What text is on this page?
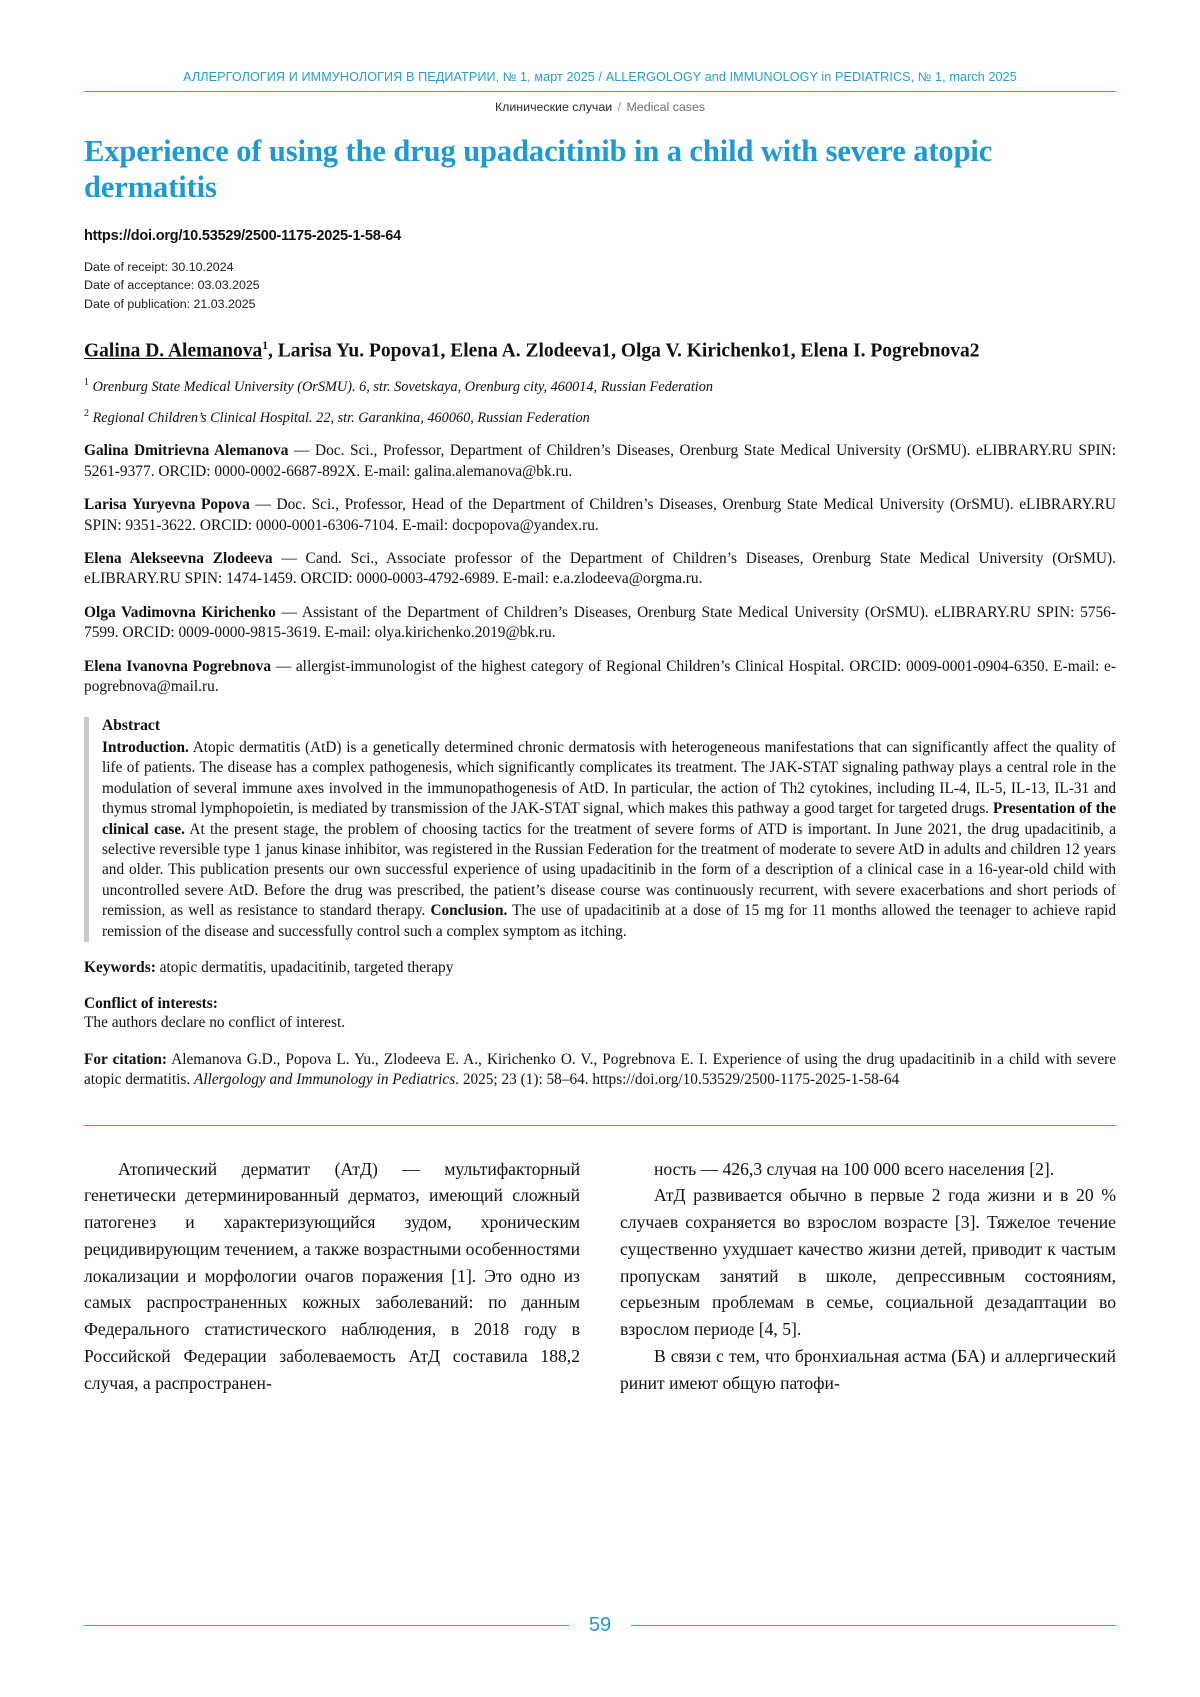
АЛЛЕРГОЛОГИЯ И ИММУНОЛОГИЯ В ПЕДИАТРИИ, № 1, март 2025 / ALLERGOLOGY and IMMUNOLOGY in PEDIATRICS, № 1, march 2025
Клинические случаи / Medical cases
Experience of using the drug upadacitinib in a child with severe atopic dermatitis
https://doi.org/10.53529/2500-1175-2025-1-58-64
Date of receipt: 30.10.2024
Date of acceptance: 03.03.2025
Date of publication: 21.03.2025
Galina D. Alemanova$^1$, Larisa Yu. Popova1, Elena A. Zlodeeva1, Olga V. Kirichenko1, Elena I. Pogrebnova2
$^1$ Orenburg State Medical University (OrSMU). 6, str. Sovetskaya, Orenburg city, 460014, Russian Federation
$^2$ Regional Children’s Clinical Hospital. 22, str. Garankina, 460060, Russian Federation
Galina Dmitrievna Alemanova — Doc. Sci., Professor, Department of Children’s Diseases, Orenburg State Medical University (OrSMU). eLIBRARY.RU SPIN: 5261-9377. ORCID: 0000-0002-6687-892X. E-mail: galina.alemanova@bk.ru.
Larisa Yuryevna Popova — Doc. Sci., Professor, Head of the Department of Children’s Diseases, Orenburg State Medical University (OrSMU). eLIBRARY.RU SPIN: 9351-3622. ORCID: 0000-0001-6306-7104. E-mail: docpopova@yandex.ru.
Elena Alekseevna Zlodeeva — Cand. Sci., Associate professor of the Department of Children’s Diseases, Orenburg State Medical University (OrSMU). eLIBRARY.RU SPIN: 1474-1459. ORCID: 0000-0003-4792-6989. E-mail: e.a.zlodeeva@orgma.ru.
Olga Vadimovna Kirichenko — Assistant of the Department of Children’s Diseases, Orenburg State Medical University (OrSMU). eLIBRARY.RU SPIN: 5756-7599. ORCID: 0009-0000-9815-3619. E-mail: olya.kirichenko.2019@bk.ru.
Elena Ivanovna Pogrebnova — allergist-immunologist of the highest category of Regional Children’s Clinical Hospital. ORCID: 0009-0001-0904-6350. E-mail: e-pogrebnova@mail.ru.
Abstract

Introduction. Atopic dermatitis (AtD) is a genetically determined chronic dermatosis with heterogeneous manifestations that can significantly affect the quality of life of patients. The disease has a complex pathogenesis, which significantly complicates its treatment. The JAK-STAT signaling pathway plays a central role in the modulation of several immune axes involved in the immunopathogenesis of AtD. In particular, the action of Th2 cytokines, including IL-4, IL-5, IL-13, IL-31 and thymus stromal lymphopoietin, is mediated by transmission of the JAK-STAT signal, which makes this pathway a good target for targeted drugs. Presentation of the clinical case. At the present stage, the problem of choosing tactics for the treatment of severe forms of ATD is important. In June 2021, the drug upadacitinib, a selective reversible type 1 janus kinase inhibitor, was registered in the Russian Federation for the treatment of moderate to severe AtD in adults and children 12 years and older. This publication presents our own successful experience of using upadacitinib in the form of a description of a clinical case in a 16-year-old child with uncontrolled severe AtD. Before the drug was prescribed, the patient’s disease course was continuously recurrent, with severe exacerbations and short periods of remission, as well as resistance to standard therapy. Conclusion. The use of upadacitinib at a dose of 15 mg for 11 months allowed the teenager to achieve rapid remission of the disease and successfully control such a complex symptom as itching.

Keywords: atopic dermatitis, upadacitinib, targeted therapy
Conflict of interests:
The authors declare no conflict of interest.
For citation: Alemanova G.D., Popova L. Yu., Zlodeeva E. A., Kirichenko O. V., Pogrebnova E. I. Experience of using the drug upadacitinib in a child with severe atopic dermatitis. Allergology and Immunology in Pediatrics. 2025; 23 (1): 58–64. https://doi.org/10.53529/2500-1175-2025-1-58-64

Атопический дерматит (АтД) — мультифакторный генетически детерминированный дерматоз, имеющий сложный патогенез и характеризующийся зудом, хроническим рецидивирующим течением, а также возрастными особенностями локализации и морфологии очагов поражения [1]. Это одно из самых распространенных кожных заболеваний: по данным Федерального статистического наблюдения, в 2018 году в Российской Федерации заболеваемость АтД составила 188,2 случая, а распространен-

ность — 426,3 случая на 100 000 всего населения [2].

АтД развивается обычно в первые 2 года жизни и в 20 % случаев сохраняется во взрослом возрасте [3]. Тяжелое течение существенно ухудшает качество жизни детей, приводит к частым пропускам занятий в школе, депрессивным состояниям, серьезным проблемам в семье, социальной дезадаптации во взрослом периоде [4, 5].

В связи с тем, что бронхиальная астма (БА) и аллергический ринит имеют общую патофи-

59
